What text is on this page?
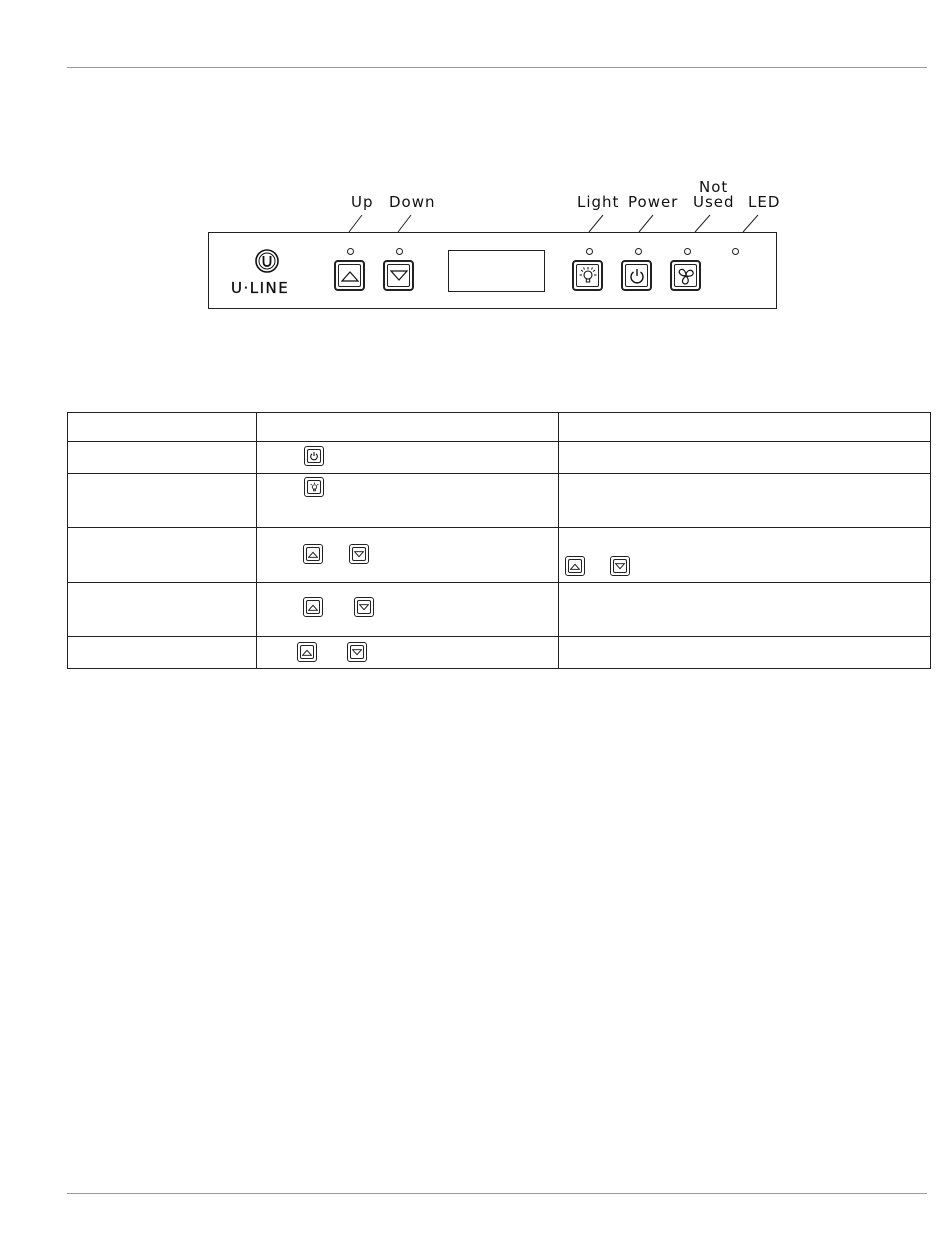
Up Down	Light Power
Not
Used LED
U·LINE
